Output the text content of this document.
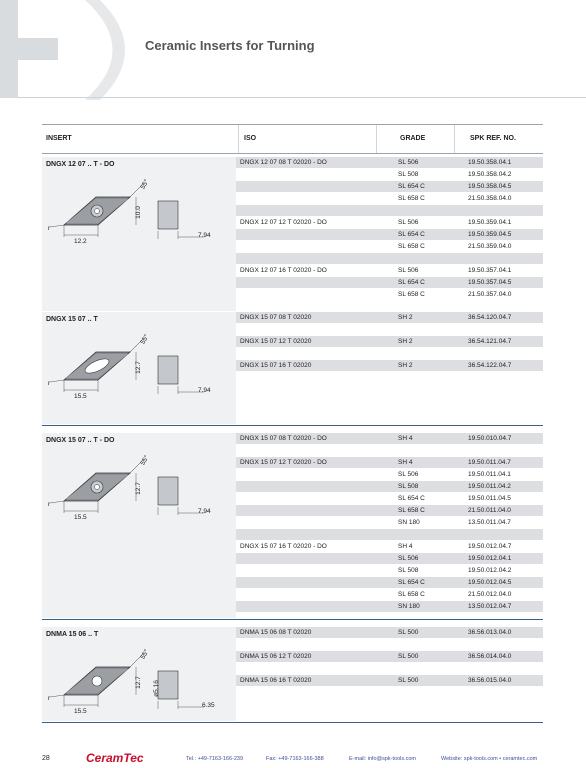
Ceramic Inserts for Turning
INSERT	ISO	GRADE	SPK REF. NO.
DNGX 12 07 .. T - DO	DNGX 12 07 08 T 02020 - DO	SL 506	19.50.358.04.1
SL 508	19.50.358.04.2
SL 654 C	19.50.358.04.5
SL 658 C	21.50.358.04.0
DNGX 12 07 12 T 02020 - DO	SL 506	19.50.359.04.1
SL 654 C	19.50.359.04.5
SL 658 C	21.50.359.04.0
DNGX 12 07 16 T 02020 - DO	SL 506	19.50.357.04.1
SL 654 C	19.50.357.04.5
SL 658 C	21.50.357.04.0
55°
10.0
r
12.2
7.94
DNGX 15 07 .. T	DNGX 15 07 08 T 02020	SH 2	36.54.120.04.7
DNGX 15 07 12 T 02020	SH 2	36.54.121.04.7
DNGX 15 07 16 T 02020	SH 2	36.54.122.04.7
55°
12.7
r
15.5
7.94
DNGX 15 07 .. T - DO	DNGX 15 07 08 T 02020 - DO	SH 4	19.50.010.04.7
DNGX 15 07 12 T 02020 - DO	SH 4	19.50.011.04.7
SL 506	19.50.011.04.1
SL 508	19.50.011.04.2
SL 654 C	19.50.011.04.5
SL 658 C	21.50.011.04.0
SN 180	13.50.011.04.7
DNGX 15 07 16 T 02020 - DO	SH 4	19.50.012.04.7
SL 506	19.50.012.04.1
SL 508	19.50.012.04.2
SL 654 C	19.50.012.04.5
SL 658 C	21.50.012.04.0
SN 180	13.50.012.04.7
55°
12.7
r
15.5
7.94
DNMA 15 06 .. T	DNMA 15 06 08 T 02020	SL 500	36.56.013.04.0
DNMA 15 06 12 T 02020	SL 500	36.56.014.04.0
DNMA 15 06 16 T 02020	SL 500	36.56.015.04.0
55°
12.7 ø5.16
r
15.5
6.35
28	CeramTec	Tel.: +49-7163-166-239	Fax: +49-7163-166-388	E-mail: info@spk-tools.com	Website: spk-tools.com • ceramtec.com
